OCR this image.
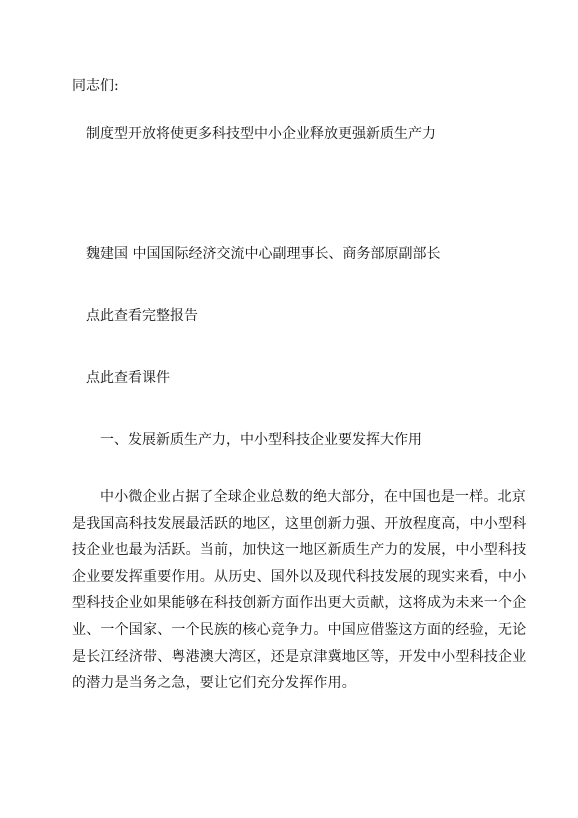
同志们:
制度型开放将使更多科技型中小企业释放更强新质生产力
魏建国 中国国际经济交流中心副理事长、商务部原副部长
点此查看完整报告
点此查看课件
一、发展新质生产力，中小型科技企业要发挥大作用
中小微企业占据了全球企业总数的绝大部分，在中国也是一样。北京
是我国高科技发展最活跃的地区，这里创新力强、开放程度高，中小型科
技企业也最为活跃。当前，加快这一地区新质生产力的发展，中小型科技
企业要发挥重要作用。从历史、国外以及现代科技发展的现实来看，中小
型科技企业如果能够在科技创新方面作出更大贡献，这将成为未来一个企
业、一个国家、一个民族的核心竞争力。中国应借鉴这方面的经验，无论
是长江经济带、粤港澳大湾区，还是京津冀地区等，开发中小型科技企业
的潜力是当务之急，要让它们充分发挥作用。
